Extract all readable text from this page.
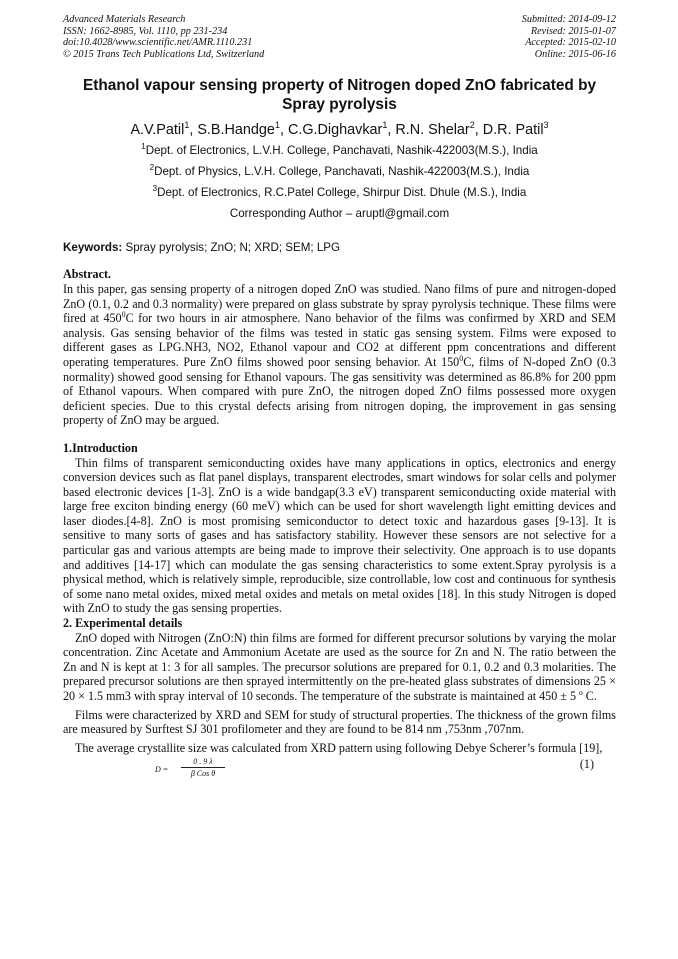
Advanced Materials Research
ISSN: 1662-8985, Vol. 1110, pp 231-234
doi:10.4028/www.scientific.net/AMR.1110.231
© 2015 Trans Tech Publications Ltd, Switzerland
Submitted: 2014-09-12
Revised: 2015-01-07
Accepted: 2015-02-10
Online: 2015-06-16
Ethanol vapour sensing property of Nitrogen doped ZnO fabricated by Spray pyrolysis
A.V.Patil$^1$, S.B.Handge$^1$, C.G.Dighavkar$^1$, R.N. Shelar$^2$, D.R. Patil$^3$
$^1$Dept. of Electronics, L.V.H. College, Panchavati, Nashik-422003(M.S.), India
$^2$Dept. of Physics, L.V.H. College, Panchavati, Nashik-422003(M.S.), India
$^3$Dept. of Electronics, R.C.Patel College, Shirpur Dist. Dhule (M.S.), India
Corresponding Author – aruptl@gmail.com
Keywords: Spray pyrolysis; ZnO; N; XRD; SEM; LPG
Abstract.
In this paper, gas sensing property of a nitrogen doped ZnO was studied. Nano films of pure and nitrogen-doped ZnO (0.1, 0.2 and 0.3 normality) were prepared on glass substrate by spray pyrolysis technique. These films were fired at $450^0C$ for two hours in air atmosphere. Nano behavior of the films was confirmed by XRD and SEM analysis. Gas sensing behavior of the films was tested in static gas sensing system. Films were exposed to different gases as LPG.NH3, NO2, Ethanol vapour and CO2 at different ppm concentrations and different operating temperatures. Pure ZnO films showed poor sensing behavior. At $150^0C$, films of N-doped ZnO (0.3 normality) showed good sensing for Ethanol vapours. The gas sensitivity was determined as 86.8% for 200 ppm of Ethanol vapours. When compared with pure ZnO, the nitrogen doped ZnO films possessed more oxygen deficient species. Due to this crystal defects arising from nitrogen doping, the improvement in gas sensing property of ZnO may be argued.
1.Introduction
Thin films of transparent semiconducting oxides have many applications in optics, electronics and energy conversion devices such as flat panel displays, transparent electrodes, smart windows for solar cells and polymer based electronic devices [1-3]. ZnO is a wide bandgap(3.3 eV) transparent semiconducting oxide material with large free exciton binding energy (60 meV) which can be used for short wavelength light emitting devices and laser diodes.[4-8]. ZnO is most promising semiconductor to detect toxic and hazardous gases [9-13]. It is sensitive to many sorts of gases and has satisfactory stability. However these sensors are not selective for a particular gas and various attempts are being made to improve their selectivity. One approach is to use dopants and additives [14-17] which can modulate the gas sensing characteristics to some extent.Spray pyrolysis is a physical method, which is relatively simple, reproducible, size controllable, low cost and continuous for synthesis of some nano metal oxides, mixed metal oxides and metals on metal oxides [18]. In this study Nitrogen is doped with ZnO to study the gas sensing properties.
2. Experimental details
ZnO doped with Nitrogen (ZnO:N) thin films are formed for different precursor solutions by varying the molar concentration. Zinc Acetate and Ammonium Acetate are used as the source for Zn and N. The ratio between the Zn and N is kept at 1: 3 for all samples. The precursor solutions are prepared for 0.1, 0.2 and 0.3 molarities. The prepared precursor solutions are then sprayed intermittently on the pre-heated glass substrates of dimensions 25 × 20 × 1.5 mm3 with spray interval of 10 seconds. The temperature of the substrate is maintained at 450 ± 5 º C.
Films were characterized by XRD and SEM for study of structural properties. The thickness of the grown films are measured by Surftest SJ 301 profilometer and they are found to be 814 nm ,753nm ,707nm.
The average crystallite size was calculated from XRD pattern using following Debye Scherer’s formula [19],
D =
0 . 9 λ
β Cos θ
(1)
